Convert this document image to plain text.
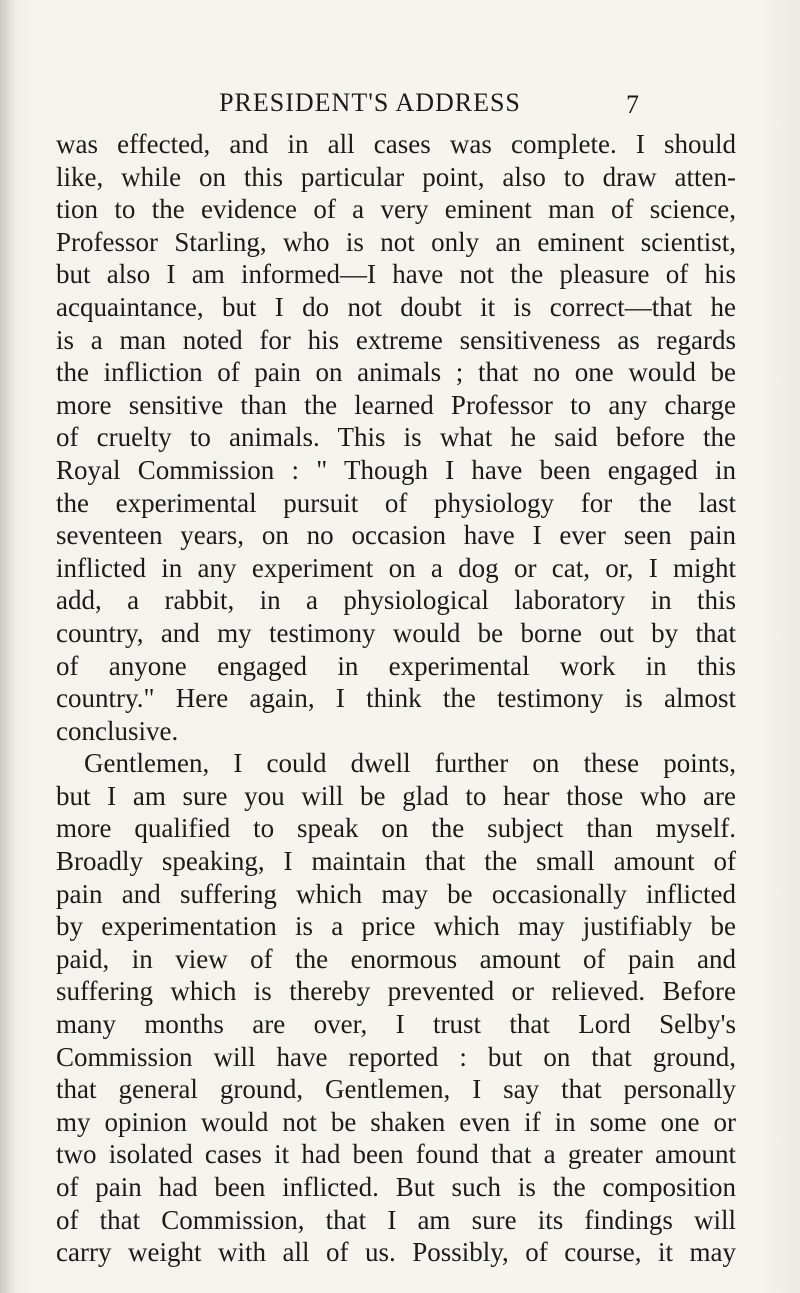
PRESIDENT'S ADDRESS	7
was effected, and in all cases was complete. I should
like, while on this particular point, also to draw atten-
tion to the evidence of a very eminent man of science,
Professor Starling, who is not only an eminent scientist,
but also I am informed—I have not the pleasure of his
acquaintance, but I do not doubt it is correct—that he
is a man noted for his extreme sensitiveness as regards
the infliction of pain on animals ; that no one would be
more sensitive than the learned Professor to any charge
of cruelty to animals. This is what he said before the
Royal Commission : " Though I have been engaged in
the experimental pursuit of physiology for the last
seventeen years, on no occasion have I ever seen pain
inflicted in any experiment on a dog or cat, or, I might
add, a rabbit, in a physiological laboratory in this
country, and my testimony would be borne out by that
of anyone engaged in experimental work in this
country." Here again, I think the testimony is almost
conclusive.
Gentlemen, I could dwell further on these points,
but I am sure you will be glad to hear those who are
more qualified to speak on the subject than myself.
Broadly speaking, I maintain that the small amount of
pain and suffering which may be occasionally inflicted
by experimentation is a price which may justifiably be
paid, in view of the enormous amount of pain and
suffering which is thereby prevented or relieved. Before
many months are over, I trust that Lord Selby's
Commission will have reported : but on that ground,
that general ground, Gentlemen, I say that personally
my opinion would not be shaken even if in some one or
two isolated cases it had been found that a greater amount
of pain had been inflicted. But such is the composition
of that Commission, that I am sure its findings will
carry weight with all of us. Possibly, of course, it may
